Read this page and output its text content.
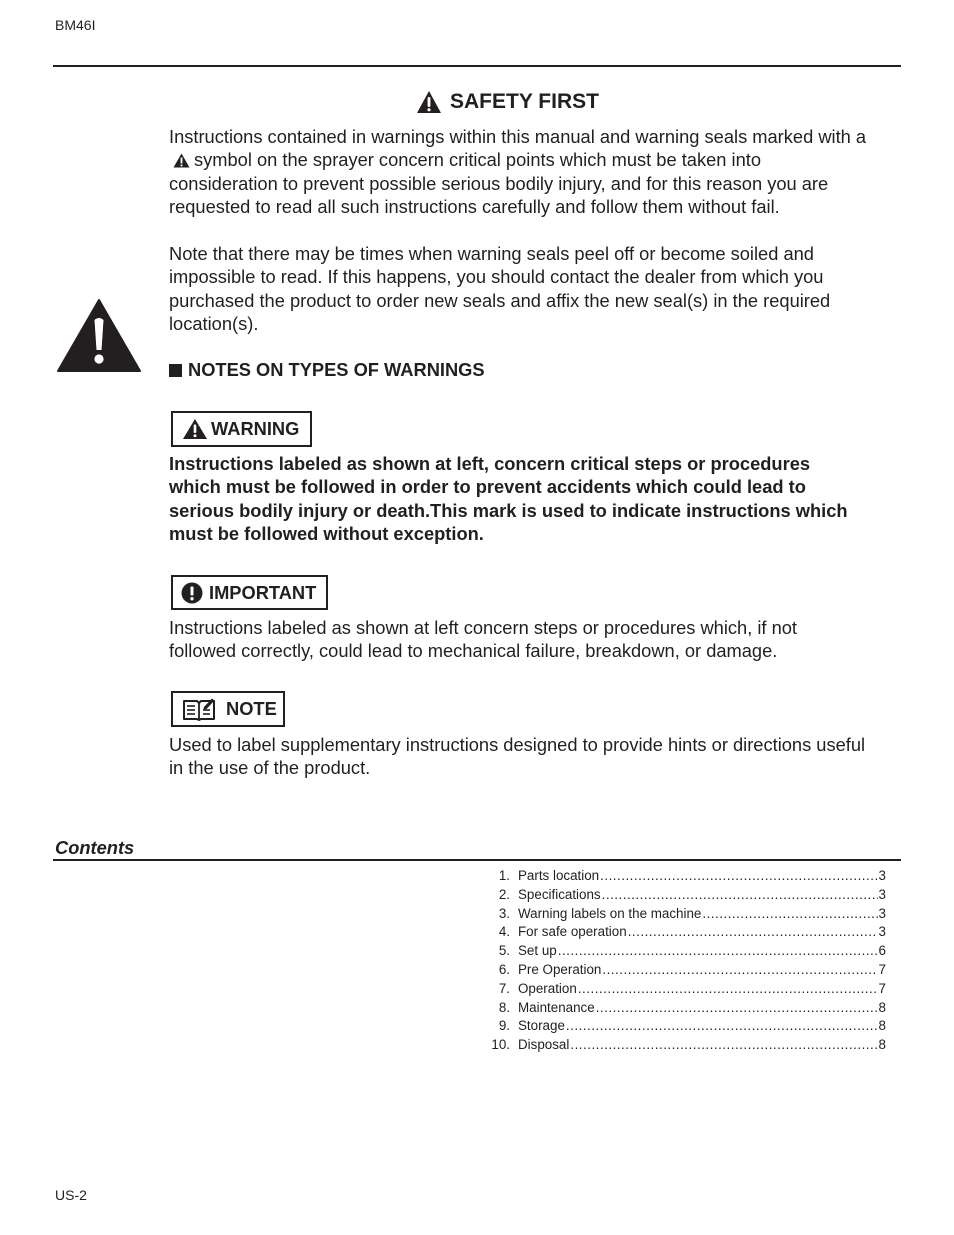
BM46I
SAFETY FIRST

Instructions contained in warnings within this manual and warning seals marked with asymbol on the sprayer concern critical points which must be taken into consideration to prevent possible serious bodily injury, and for this reason you are requested to read all such instructions carefully and follow them without fail.

Note that there may be times when warning seals peel off or become soiled and impossible to read. If this happens, you should contact the dealer from which you purchased the product to order new seals and affix the new seal(s) in the required location(s).

NOTES ON TYPES OF WARNINGS
WARNING

Instructions labeled as shown at left, concern critical steps or procedures which must be followed in order to prevent accidents which could lead to serious bodily injury or death.This mark is used to indicate instructions which must be followed without exception.

IMPORTANT

Instructions labeled as shown at left concern steps or procedures which, if not followed correctly, could lead to mechanical failure, breakdown, or damage.

NOTE

Used to label supplementary instructions designed to provide hints or directions useful in the use of the product.

Contents
1. Parts location .....	3
2. Specifications .....	3
3. Warning labels on the machine .....	3
4. For safe operation .....	3
5. Set up .....	6
6. Pre Operation .....	7
7. Operation .....	7
8. Maintenance .....	8
9. Storage .....	8
10. Disposal .....	8
US-2
